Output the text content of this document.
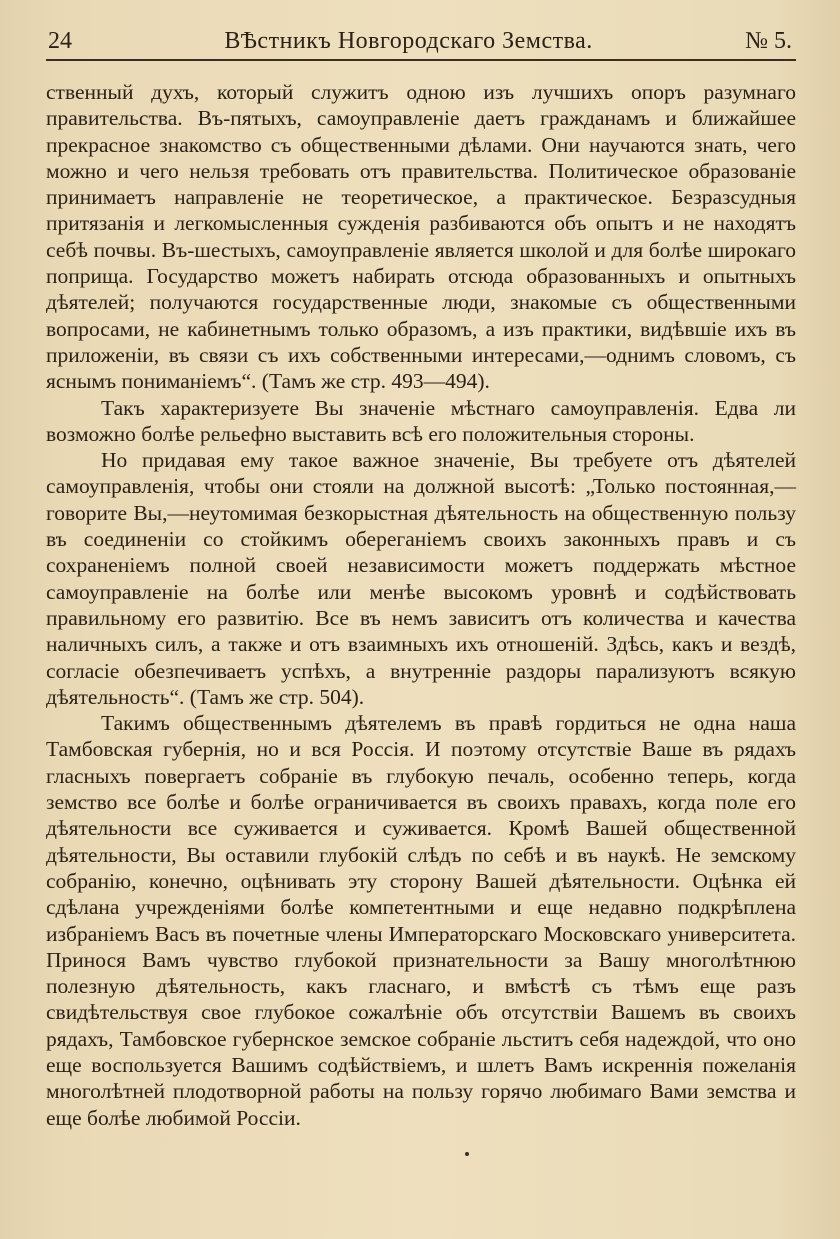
24	ВѢстникъ Новгородскаго Земства.	№ 5.

ственный духъ, который служитъ одною изъ лучшихъ опоръ разумнаго правительства. Въ-пятыхъ, самоуправленіе даетъ гражданамъ и ближайшее прекрасное знакомство съ общественными дѣлами. Они научаются знать, чего можно и чего нельзя требовать отъ правительства. Политическое образованіе принимаетъ направленіе не теоретическое, а практическое. Безразсудныя притязанія и легкомысленныя сужденія разбиваются объ опытъ и не находятъ себѣ почвы. Въ-шестыхъ, самоуправленіе является школой и для болѣе широкаго поприща. Государство можетъ набирать отсюда образованныхъ и опытныхъ дѣятелей; получаются государственные люди, знакомые съ общественными вопросами, не кабинетнымъ только образомъ, а изъ практики, видѣвшіе ихъ въ приложеніи, въ связи съ ихъ собственными интересами,—однимъ словомъ, съ яснымъ пониманіемъ“. (Тамъ же стр. 493—494).

Такъ характеризуете Вы значеніе мѣстнаго самоуправленія. Едва ли возможно болѣе рельефно выставить всѣ его положительныя стороны.

Но придавая ему такое важное значеніе, Вы требуете отъ дѣятелей самоуправленія, чтобы они стояли на должной высотѣ: „Только постоянная,—говорите Вы,—неутомимая безкорыстная дѣятельность на общественную пользу въ соединеніи со стойкимъ обереганіемъ своихъ законныхъ правъ и съ сохраненіемъ полной своей независимости можетъ поддержать мѣстное самоуправленіе на болѣе или менѣе высокомъ уровнѣ и содѣйствовать правильному его развитію. Все въ немъ зависитъ отъ количества и качества наличныхъ силъ, а также и отъ взаимныхъ ихъ отношеній. Здѣсь, какъ и вездѣ, согласіе обезпечиваетъ успѣхъ, а внутренніе раздоры парализуютъ всякую дѣятельность“. (Тамъ же стр. 504).

Такимъ общественнымъ дѣятелемъ въ правѣ гордиться не одна наша Тамбовская губернія, но и вся Россія. И поэтому отсутствіе Ваше въ рядахъ гласныхъ повергаетъ собраніе въ глубокую печаль, особенно теперь, когда земство все болѣе и болѣе ограничивается въ своихъ правахъ, когда поле его дѣятельности все суживается и суживается. Кромѣ Вашей общественной дѣятельности, Вы оставили глубокій слѣдъ по себѣ и въ наукѣ. Не земскому собранію, конечно, оцѣнивать эту сторону Вашей дѣятельности. Оцѣнка ей сдѣлана учрежденіями болѣе компетентными и еще недавно подкрѣплена избраніемъ Васъ въ почетные члены Императорскаго Московскаго университета. Принося Вамъ чувство глубокой признательности за Вашу многолѣтнюю полезную дѣятельность, какъ гласнаго, и вмѣстѣ съ тѣмъ еще разъ свидѣтельствуя свое глубокое сожалѣніе объ отсутствіи Вашемъ въ своихъ рядахъ, Тамбовское губернское земское собраніе льститъ себя надеждой, что оно еще воспользуется Вашимъ содѣйствіемъ, и шлетъ Вамъ искреннія пожеланія многолѣтней плодотворной работы на пользу горячо любимаго Вами земства и еще болѣе любимой Россіи.
